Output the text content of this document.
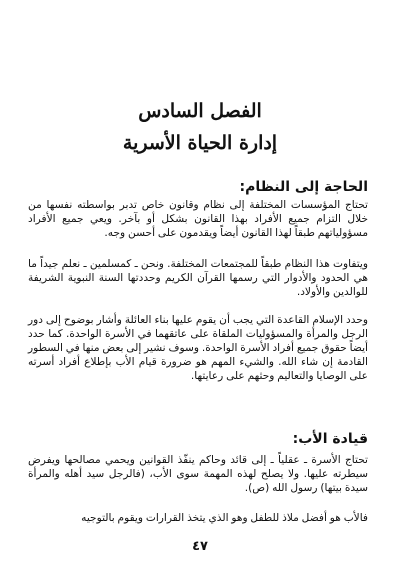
الفصل السادس
إدارة الحياة الأسرية
الحاجة إلى النظام:

تحتاج المؤسسات المختلفة إلى نظام وقانون خاص تدبر بواسطته نفسها من خلال التزام جميع الأفراد بهذا القانون بشكل أو بآخر. ويعي جميع الأفراد مسؤولياتهم طبقاً لهذا القانون أيضاً ويقدمون على أحسن وجه.

ويتفاوت هذا النظام طبقاً للمجتمعات المختلفة. ونحن ـ كمسلمين ـ نعلم جيداً ما هي الحدود والأدوار التي رسمها القرآن الكريم وحددتها السنة النبوية الشريفة للوالدين والأولاد.

وحدد الإسلام القاعدة التي يجب أن يقوم عليها بناء العائلة وأشار بوضوح إلى دور الرجل والمرأة والمسؤوليات الملقاة على عاتقهما في الأسرة الواحدة. كما حدد أيضاً حقوق جميع أفراد الأسرة الواحدة. وسوف نشير إلى بعض منها في السطور القادمة إن شاء الله. والشيء المهم هو ضرورة قيام الأب بإطلاع أفراد أسرته على الوصايا والتعاليم وحثهم على رعايتها.

قيادة الأب:

تحتاج الأسرة ـ عقلياً ـ إلى قائد وحاكم ينفّذ القوانين ويحمي مصالحها ويفرض سيطرته عليها. ولا يصلح لهذه المهمة سوى الأب، (فالرجل سيد أهله والمرأة سيدة بيتها) رسول الله (ص).

فالأب هو أفضل ملاذ للطفل وهو الذي يتخذ القرارات ويقوم بالتوجيه

٤٧
